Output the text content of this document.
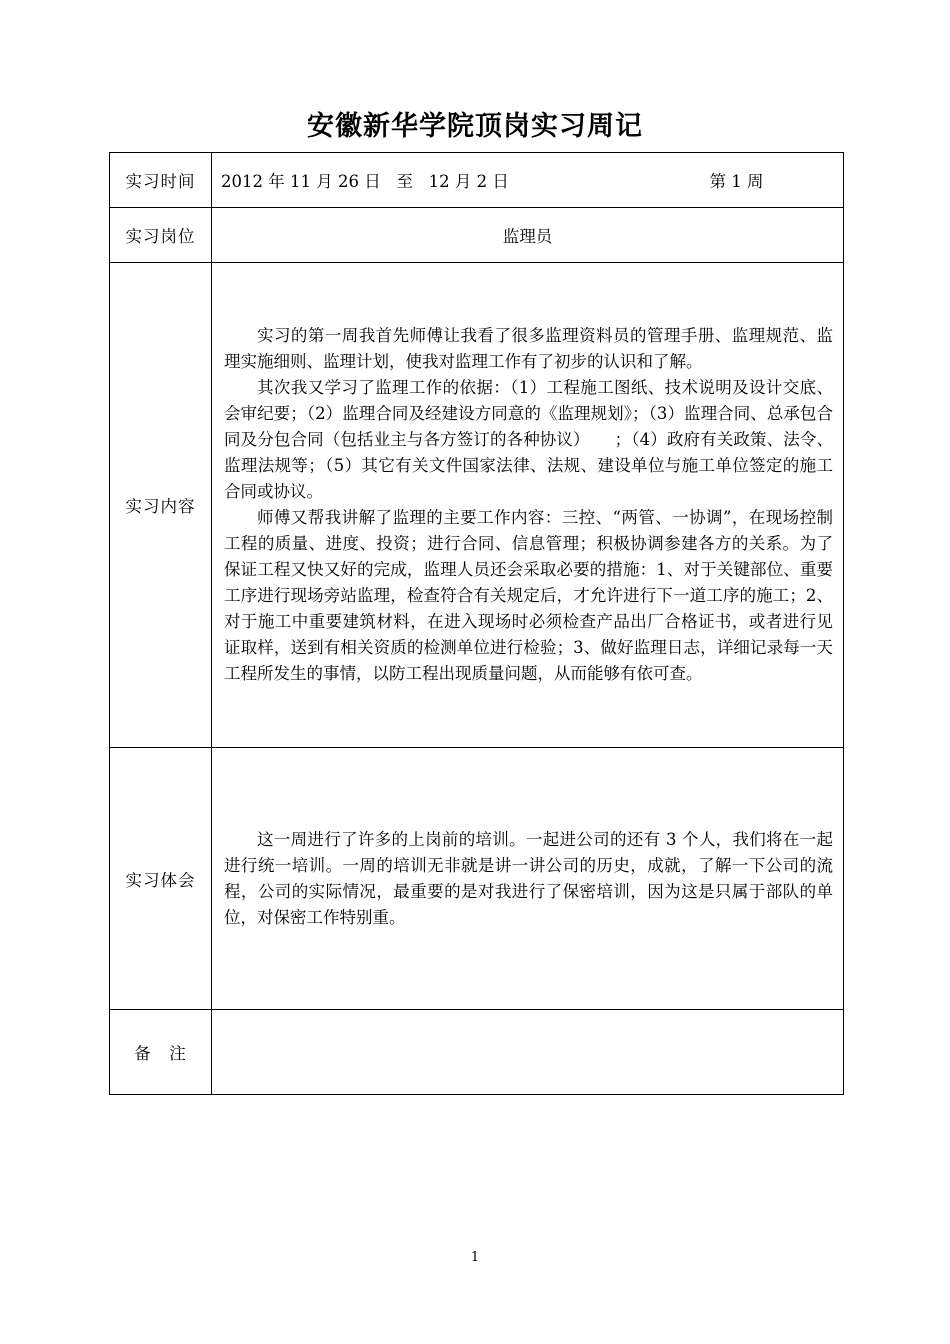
安徽新华学院顶岗实习周记
实习时间	2012 年 11 月 26 日   至   12 月 2 日 第 1 周

实习岗位	监理员
实习内容	实习的第一周我首先师傅让我看了很多监理资料员的管理手册、监理规范、监理实施细则、监理计划，使我对监理工作有了初步的认识和了解。

其次我又学习了监理工作的依据：（1）工程施工图纸、技术说明及设计交底、会审纪要；（2）监理合同及经建设方同意的《监理规划》；（3）监理合同、总承包合同及分包合同（包括业主与各方签订的各种协议）　　；（4）政府有关政策、法令、监理法规等；（5）其它有关文件国家法律、法规、建设单位与施工单位签定的施工合同或协议。

师傅又帮我讲解了监理的主要工作内容：三控、“两管、一协调”，在现场控制工程的质量、进度、投资；进行合同、信息管理；积极协调参建各方的关系。为了保证工程又快又好的完成，监理人员还会采取必要的措施：1、对于关键部位、重要工序进行现场旁站监理，检查符合有关规定后，才允许进行下一道工序的施工；2、对于施工中重要建筑材料，在进入现场时必须检查产品出厂合格证书，或者进行见证取样，送到有相关资质的检测单位进行检验；3、做好监理日志，详细记录每一天工程所发生的事情，以防工程出现质量问题，从而能够有依可查。

实习体会	这一周进行了许多的上岗前的培训。一起进公司的还有 3 个人，我们将在一起进行统一培训。一周的培训无非就是讲一讲公司的历史，成就，了解一下公司的流程，公司的实际情况，最重要的是对我进行了保密培训，因为这是只属于部队的单位，对保密工作特别重。

备　注	
1
